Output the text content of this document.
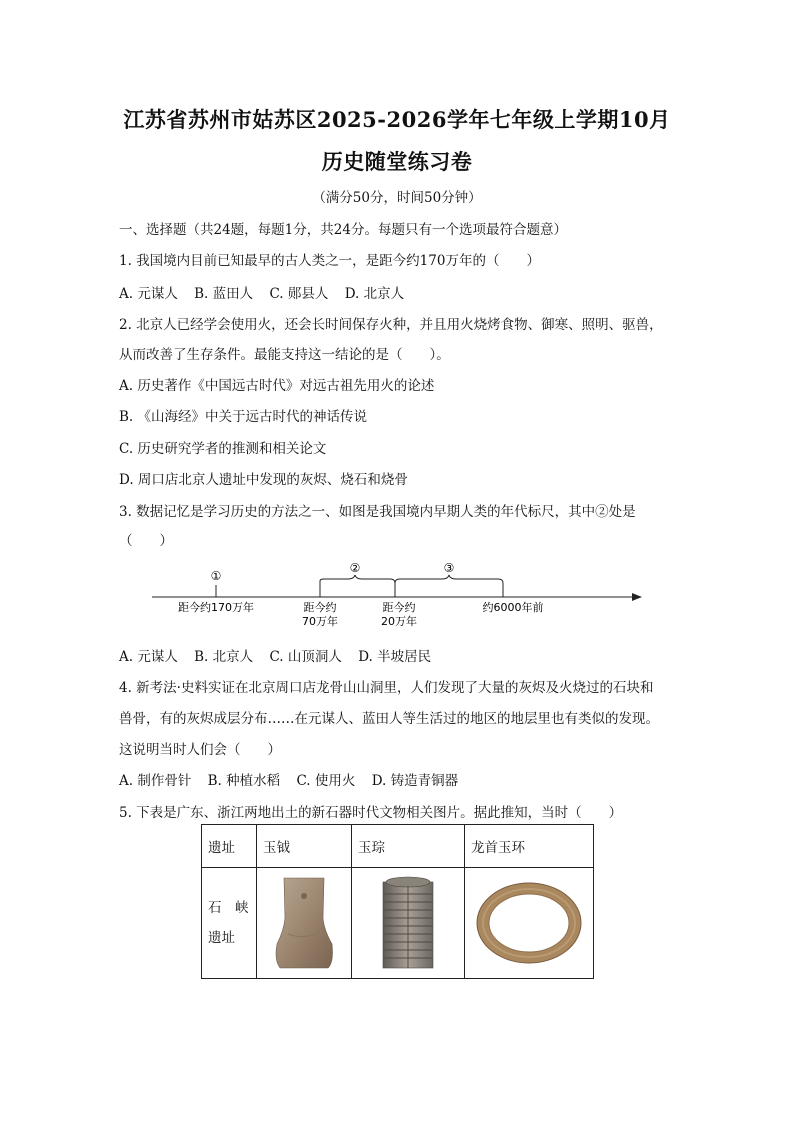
江苏省苏州市姑苏区2025-2026学年七年级上学期10月
历史随堂练习卷
（满分50分，时间50分钟）
一、选择题（共24题，每题1分，共24分。每题只有一个选项最符合题意）
1. 我国境内目前已知最早的古人类之一，是距今约170万年的（　　）
A. 元谋人 B. 蓝田人 C. 郧县人 D. 北京人
2. 北京人已经学会使用火，还会长时间保存火种，并且用火烧烤食物、御寒、照明、驱兽，
从而改善了生存条件。最能支持这一结论的是（　　）。
A. 历史著作《中国远古时代》对远古祖先用火的论述
B. 《山海经》中关于远古时代的神话传说
C. 历史研究学者的推测和相关论文
D. 周口店北京人遗址中发现的灰烬、烧石和烧骨
3. 数据记忆是学习历史的方法之一、如图是我国境内早期人类的年代标尺，其中②处是
（　　）
①
②	③
距今约170万年	距今约
70万年
距今约
20万年
约6000年前
A. 元谋人 B. 北京人 C. 山顶洞人 D. 半坡居民
4. 新考法·史料实证在北京周口店龙骨山山洞里，人们发现了大量的灰烬及火烧过的石块和
兽骨，有的灰烬成层分布……在元谋人、蓝田人等生活过的地区的地层里也有类似的发现。
这说明当时人们会（　　）
A. 制作骨针 B. 种植水稻 C. 使用火 D. 铸造青铜器
5. 下表是广东、浙江两地出土的新石器时代文物相关图片。据此推知，当时（　　）
遗址	玉钺	玉琮	龙首玉环

石　峡
遗址
